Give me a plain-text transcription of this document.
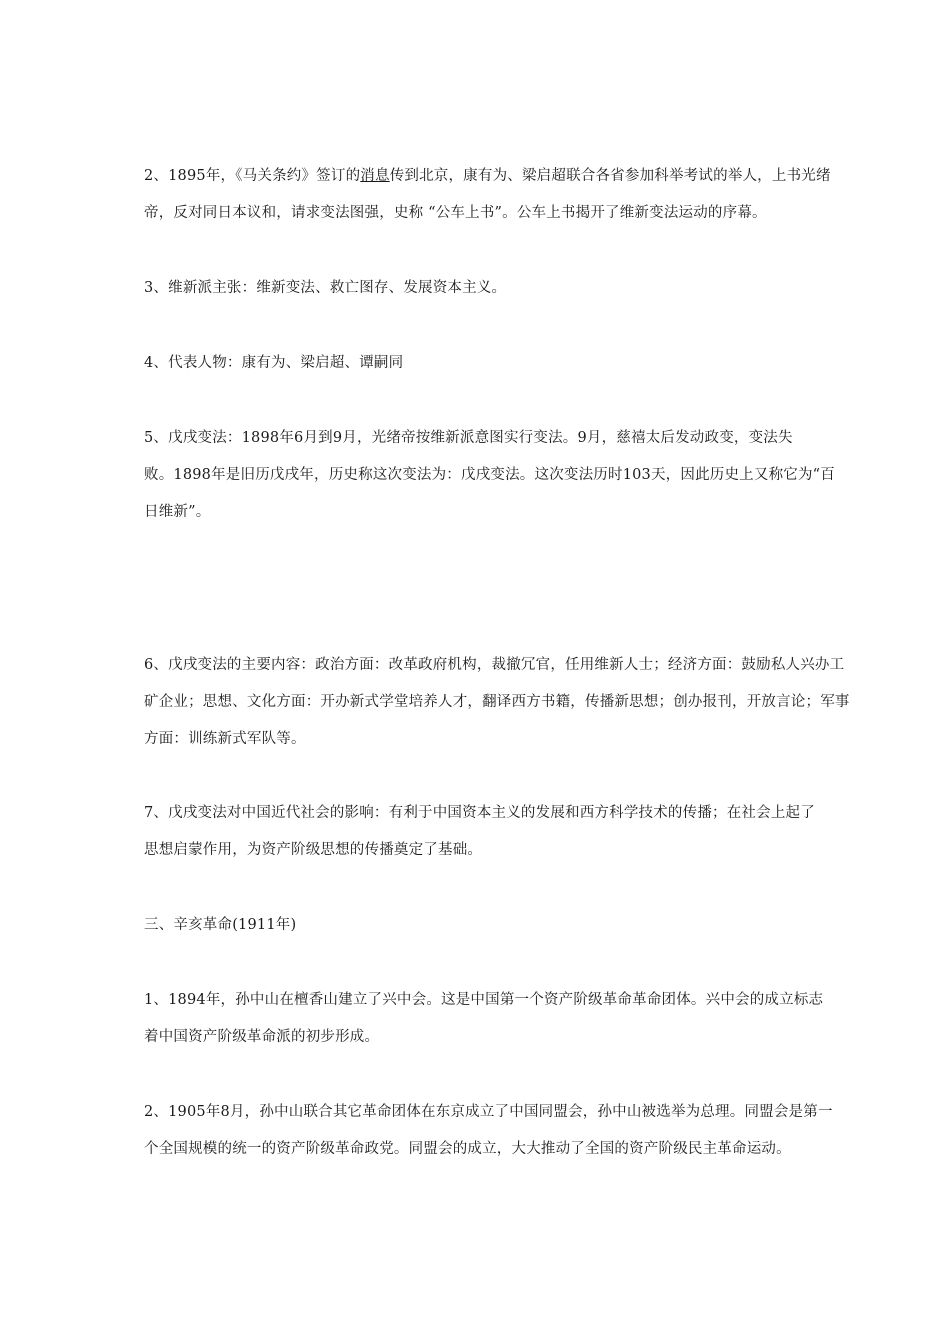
2、1895年，《马关条约》签订的消息传到北京，康有为、梁启超联合各省参加科举考试的举人，上书光绪
帝，反对同日本议和，请求变法图强，史称 “公车上书”。公车上书揭开了维新变法运动的序幕。
3、维新派主张：维新变法、救亡图存、发展资本主义。
4、代表人物：康有为、梁启超、谭嗣同
5、戊戌变法：1898年6月到9月，光绪帝按维新派意图实行变法。9月，慈禧太后发动政变，变法失
败。1898年是旧历戊戌年，历史称这次变法为：戊戌变法。这次变法历时103天，因此历史上又称它为“百
日维新”。
6、戊戌变法的主要内容：政治方面：改革政府机构，裁撤冗官，任用维新人士；经济方面：鼓励私人兴办工
矿企业；思想、文化方面：开办新式学堂培养人才，翻译西方书籍，传播新思想；创办报刊，开放言论；军事
方面：训练新式军队等。
7、戊戌变法对中国近代社会的影响：有利于中国资本主义的发展和西方科学技术的传播；在社会上起了
思想启蒙作用，为资产阶级思想的传播奠定了基础。
三、辛亥革命(1911年)
1、1894年，孙中山在檀香山建立了兴中会。这是中国第一个资产阶级革命革命团体。兴中会的成立标志
着中国资产阶级革命派的初步形成。
2、1905年8月，孙中山联合其它革命团体在东京成立了中国同盟会，孙中山被选举为总理。同盟会是第一
个全国规模的统一的资产阶级革命政党。同盟会的成立，大大推动了全国的资产阶级民主革命运动。
